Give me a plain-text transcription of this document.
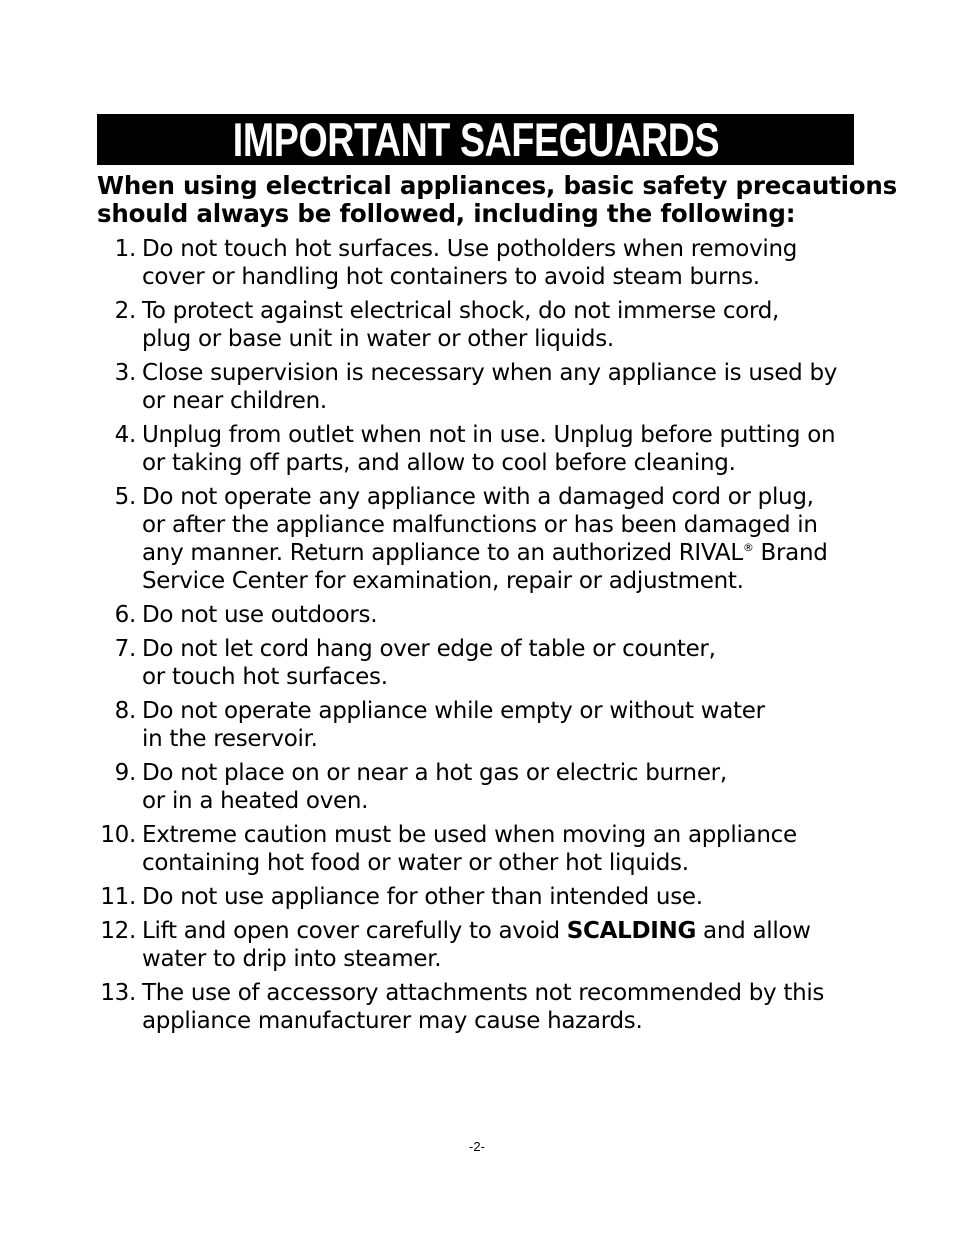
IMPORTANT SAFEGUARDS
When using electrical appliances, basic safety precautions
should always be followed, including the following:
1. Do not touch hot surfaces. Use potholders when removing
cover or handling hot containers to avoid steam burns.
2. To protect against electrical shock, do not immerse cord,
plug or base unit in water or other liquids.
3. Close supervision is necessary when any appliance is used by
or near children.
4. Unplug from outlet when not in use. Unplug before putting on
or taking off parts, and allow to cool before cleaning.
5. Do not operate any appliance with a damaged cord or plug,
or after the appliance malfunctions or has been damaged in
any manner. Return appliance to an authorized RIVAL® Brand
Service Center for examination, repair or adjustment.
6. Do not use outdoors.
7. Do not let cord hang over edge of table or counter,
or touch hot surfaces.
8. Do not operate appliance while empty or without water
in the reservoir.
9. Do not place on or near a hot gas or electric burner,
or in a heated oven.
10. Extreme caution must be used when moving an appliance
containing hot food or water or other hot liquids.
11. Do not use appliance for other than intended use.
12. Lift and open cover carefully to avoid SCALDING and allow
water to drip into steamer.
13. The use of accessory attachments not recommended by this
appliance manufacturer may cause hazards.
-2-
